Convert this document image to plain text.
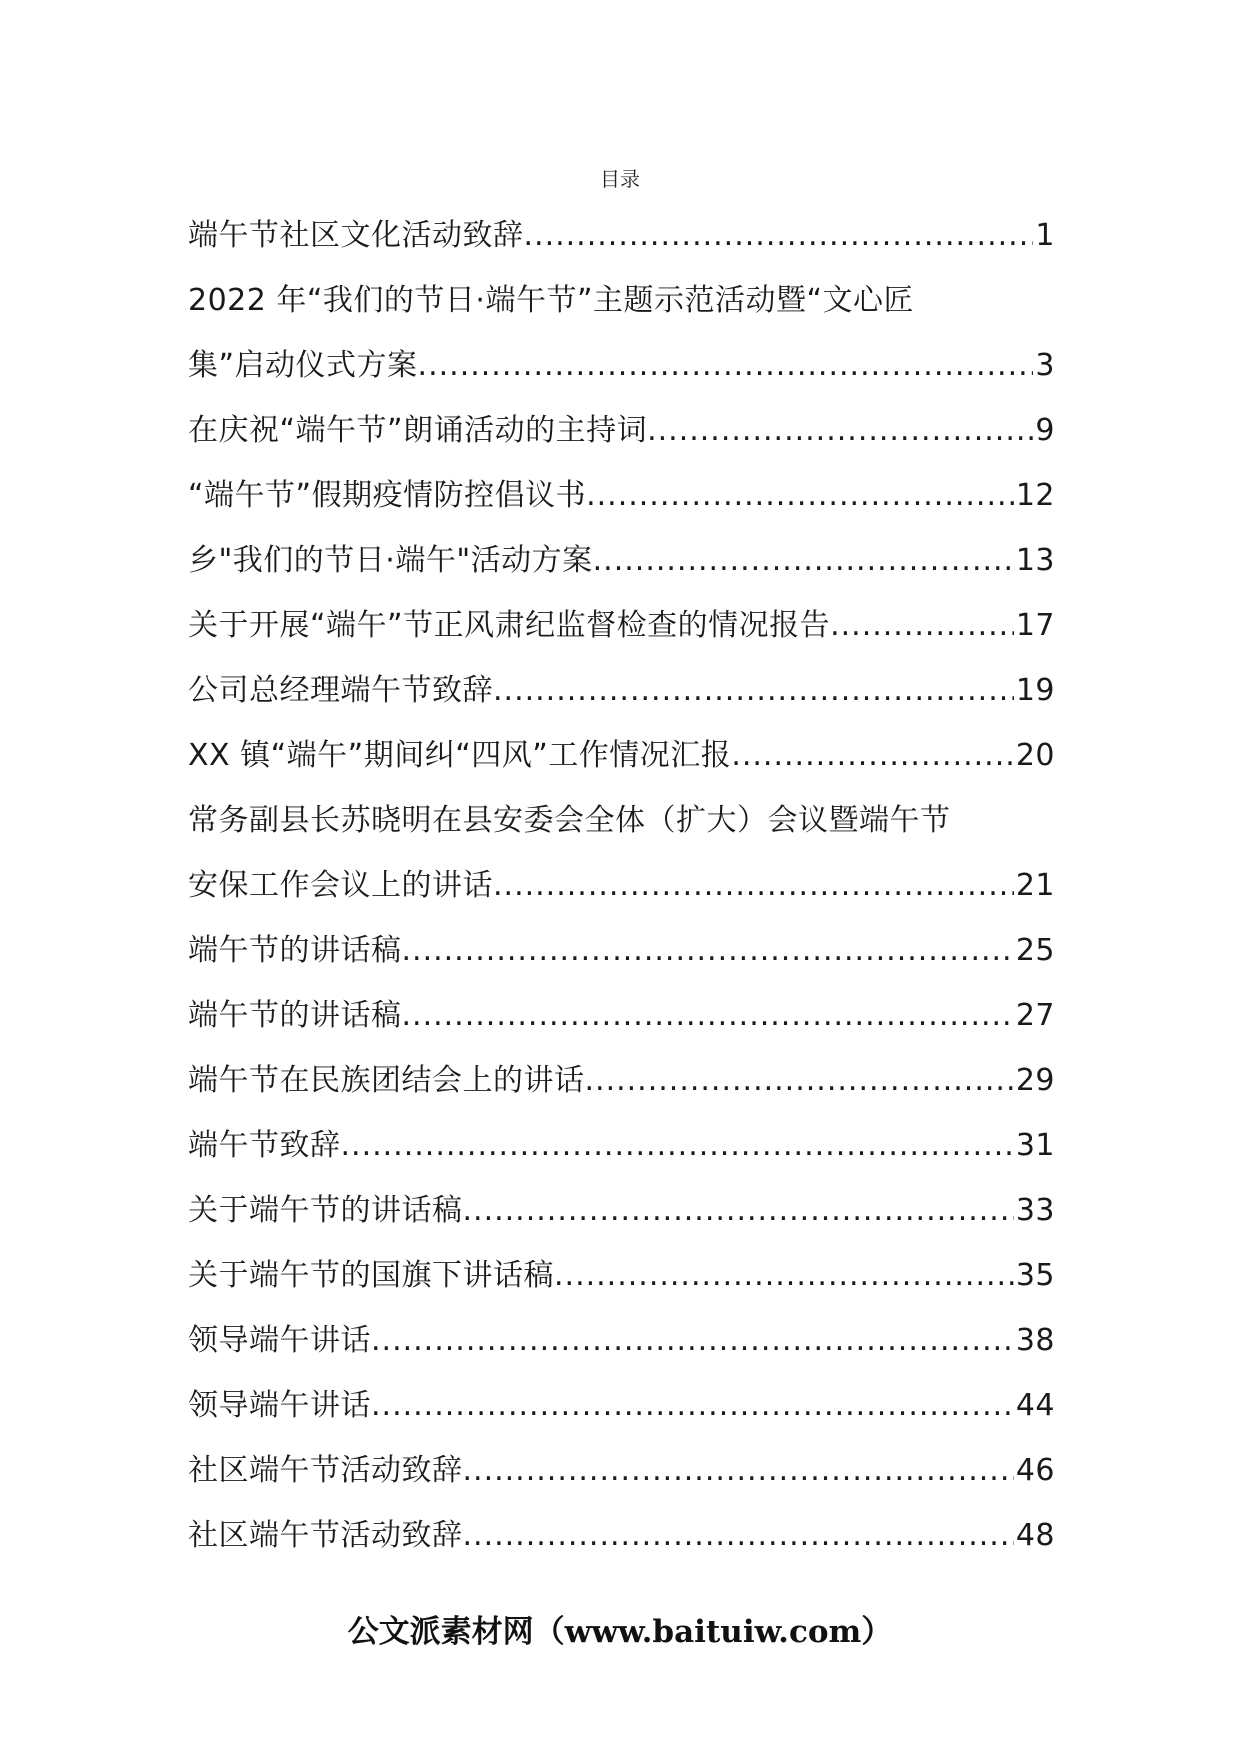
目录
端午节社区文化活动致辞 .....	1
2022 年“我们的节日·端午节”主题示范活动暨“文心匠
集”启动仪式方案 .....	3
在庆祝“端午节”朗诵活动的主持词 .....	9
“端午节”假期疫情防控倡议书 .....	12
乡"我们的节日·端午"活动方案 .....	13
关于开展“端午”节正风肃纪监督检查的情况报告 .....	17
公司总经理端午节致辞 .....	19
XX 镇“端午”期间纠“四风”工作情况汇报 .....	20
常务副县长苏晓明在县安委会全体（扩大）会议暨端午节
安保工作会议上的讲话 .....	21
端午节的讲话稿 .....	25
端午节的讲话稿 .....	27
端午节在民族团结会上的讲话 .....	29
端午节致辞 .....	31
关于端午节的讲话稿 .....	33
关于端午节的国旗下讲话稿 .....	35
领导端午讲话 .....	38
领导端午讲话 .....	44
社区端午节活动致辞 .....	46
社区端午节活动致辞 .....	48
公文派素材网（www.baituiw.com）
